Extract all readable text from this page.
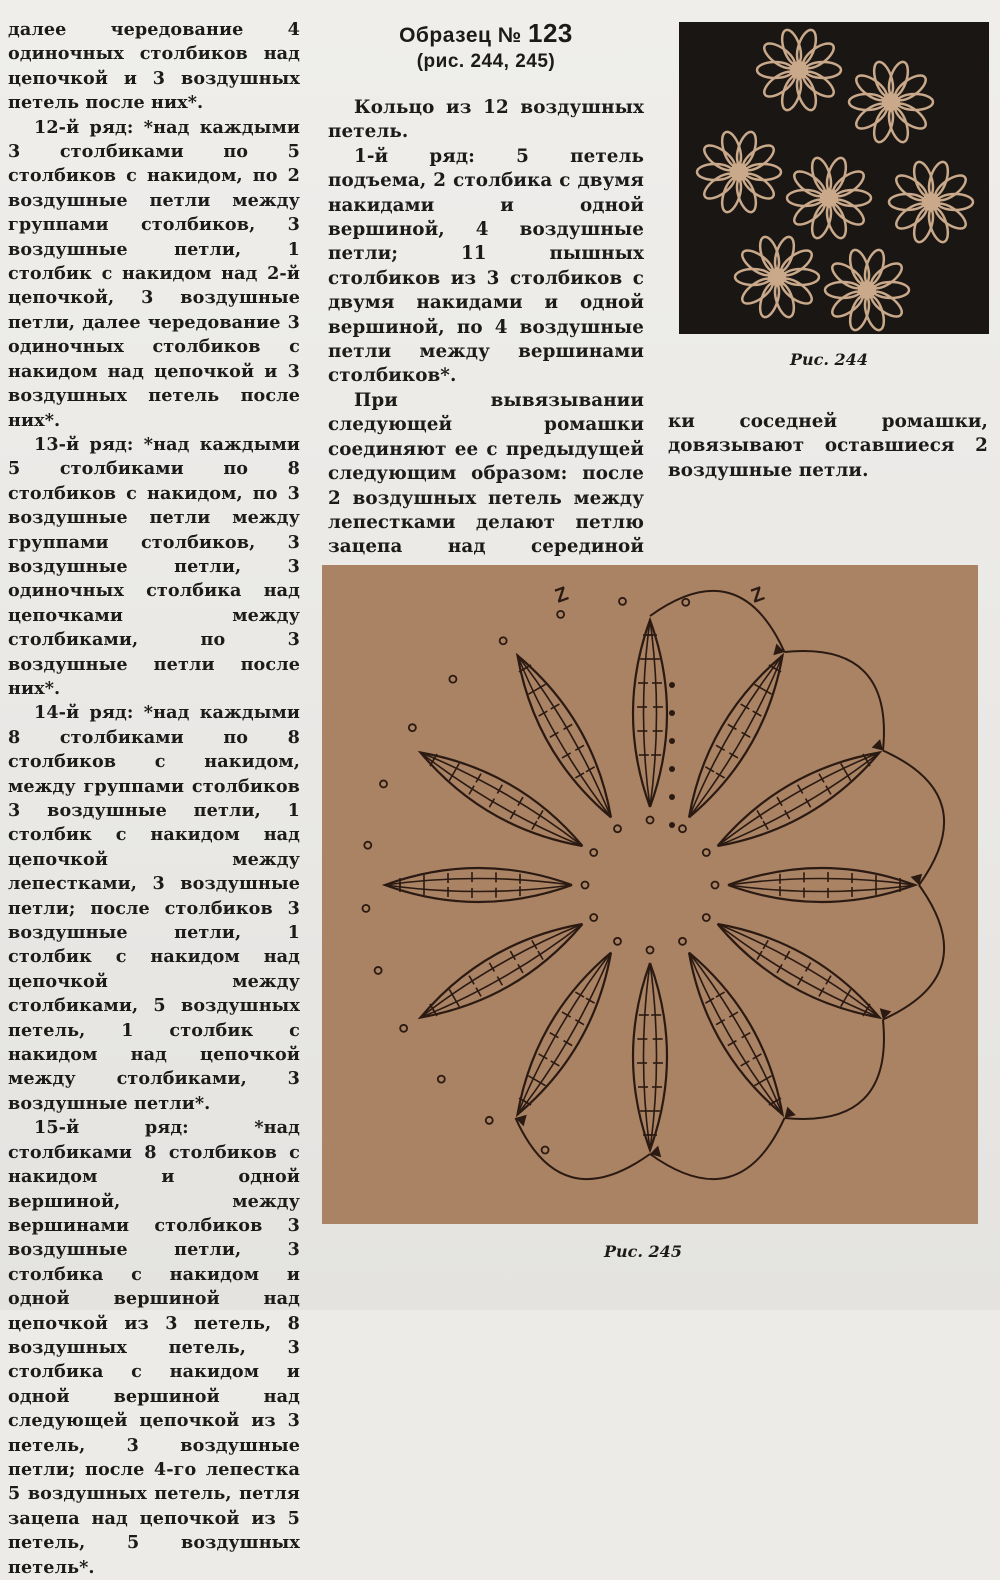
далее чередование 4 одиночных столбиков над цепочкой и 3 воздушных петель после них*.

12-й ряд: *над каждыми 3 столбиками по 5 столбиков с накидом, по 2 воздушные петли между группами столбиков, 3 воздушные петли, 1 столбик с накидом над 2-й цепочкой, 3 воздушные петли, далее чередование 3 одиночных столбиков с накидом над цепочкой и 3 воздушных петель после них*.

13-й ряд: *над каждыми 5 столбиками по 8 столбиков с накидом, по 3 воздушные петли между группами столбиков, 3 воздушные петли, 3 одиночных столбика над цепочками между столбиками, по 3 воздушные петли после них*.

14-й ряд: *над каждыми 8 столбиками по 8 столбиков с накидом, между группами столбиков 3 воздушные петли, 1 столбик с накидом над цепочкой между лепестками, 3 воздушные петли; после столбиков 3 воздушные петли, 1 столбик с накидом над цепочкой между столбиками, 5 воздушных петель, 1 столбик с накидом над цепочкой между столбиками, 3 воздушные петли*.

15-й ряд: *над столбиками 8 столбиков с накидом и одной вершиной, между вершинами столбиков 3 воздушные петли, 3 столбика с накидом и одной вершиной над цепочкой из 3 петель, 8 воздушных петель, 3 столбика с накидом и одной вершиной над следующей цепочкой из 3 петель, 3 воздушные петли; после 4-го лепестка 5 воздушных петель, петля зацепа над цепочкой из 5 петель, 5 воздушных петель*.

Образец № 123
(рис. 244, 245)

Кольцо из 12 воздушных петель.

1-й ряд: 5 петель подъема, 2 столбика с двумя накидами и одной вершиной, 4 воздушные петли; 11 пышных столбиков из 3 столбиков с двумя накидами и одной вершиной, по 4 воздушные петли между вершинами столбиков*.

При вывязывании следующей ромашки соединяют ее с предыдущей следующим образом: после 2 воздушных петель между лепестками делают петлю зацепа над серединой

Рис. 244

ки соседней ромашки, довязывают оставшиеся 2 воздушные петли.

Z	Z
Рис. 245
